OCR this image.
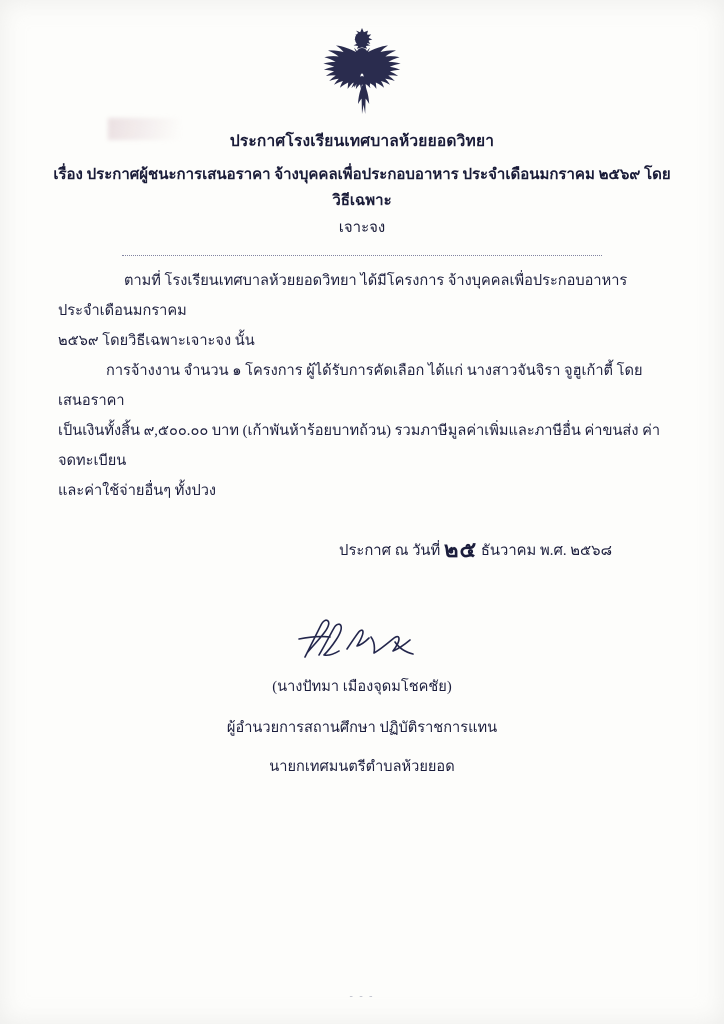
ประกาศโรงเรียนเทศบาลห้วยยอดวิทยา
เรื่อง ประกาศผู้ชนะการเสนอราคา จ้างบุคคลเพื่อประกอบอาหาร ประจำเดือนมกราคม ๒๕๖๙ โดยวิธีเฉพาะ
เจาะจง

ตามที่ โรงเรียนเทศบาลห้วยยอดวิทยา ได้มีโครงการ จ้างบุคคลเพื่อประกอบอาหาร ประจำเดือนมกราคม

๒๕๖๙ โดยวิธีเฉพาะเจาะจง นั้น

การจ้างงาน จำนวน ๑ โครงการ ผู้ได้รับการคัดเลือก ได้แก่ นางสาวจันจิรา จูฮูเก้าตี้ โดยเสนอราคา

เป็นเงินทั้งสิ้น ๙,๕๐๐.๐๐ บาท (เก้าพันห้าร้อยบาทถ้วน) รวมภาษีมูลค่าเพิ่มและภาษีอื่น ค่าขนส่ง ค่าจดทะเบียน

และค่าใช้จ่ายอื่นๆ ทั้งปวง

ประกาศ ณ วันที่ ๒๕ ธันวาคม พ.ศ. ๒๕๖๘
(นางปัทมา เมืองจุดมโชคชัย)
ผู้อำนวยการสถานศึกษา ปฏิบัติราชการแทน
นายกเทศมนตรีตำบลห้วยยอด
- - -
